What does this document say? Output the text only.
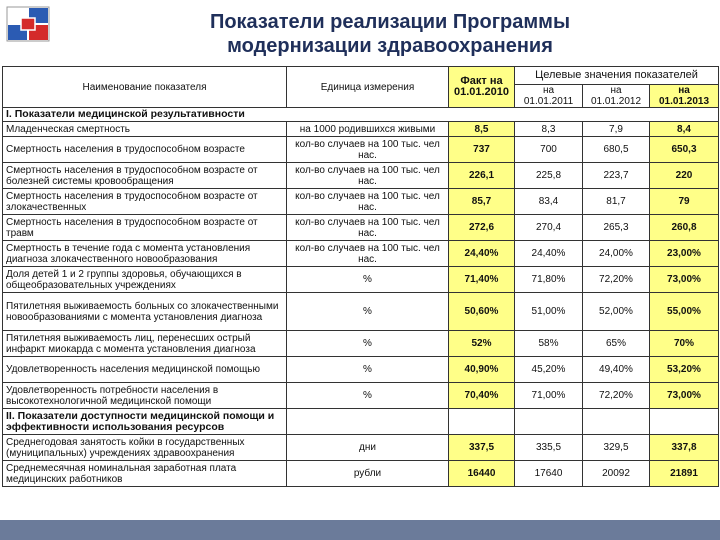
Показатели реализации Программы
модернизации здравоохранения
Наименование показателя	Единица измерения	Факт на 01.01.2010	Целевые значения показателей		
			на 01.01.2011	на 01.01.2012	на 01.01.2013
I. Показатели медицинской результативности					
Младенческая смертность	на 1000 родившихся живыми	8,5	8,3	7,9	8,4
Смертность населения в трудоспособном возрасте	кол-во случаев на 100 тыс. чел нас.	737	700	680,5	650,3
Смертность населения в трудоспособном возрасте от болезней системы кровообращения	кол-во случаев на 100 тыс. чел нас.	226,1	225,8	223,7	220
Смертность населения в трудоспособном возрасте от злокачественных	кол-во случаев на 100 тыс. чел нас.	85,7	83,4	81,7	79
Смертность населения в трудоспособном возрасте от травм	кол-во случаев на 100 тыс. чел нас.	272,6	270,4	265,3	260,8
Смертность в течение года с момента установления диагноза злокачественного новообразования	кол-во случаев на 100 тыс. чел нас.	24,40%	24,40%	24,00%	23,00%
Доля детей 1 и 2 группы здоровья, обучающихся в общеобразовательных учреждениях	%	71,40%	71,80%	72,20%	73,00%
Пятилетняя выживаемость больных со злокачественными новообразованиями с момента установления диагноза	%	50,60%	51,00%	52,00%	55,00%
Пятилетняя выживаемость лиц, перенесших острый инфаркт миокарда с момента установления диагноза	%	52%	58%	65%	70%
Удовлетворенность населения медицинской помощью	%	40,90%	45,20%	49,40%	53,20%
Удовлетворенность потребности населения в высокотехнологичной медицинской помощи	%	70,40%	71,00%	72,20%	73,00%
II. Показатели доступности медицинской помощи и эффективности использования ресурсов					
Среднегодовая занятость койки в государственных (муниципальных) учреждениях здравоохранения	дни	337,5	335,5	329,5	337,8
Среднемесячная номинальная заработная плата медицинских работников	рубли	16440	17640	20092	21891
